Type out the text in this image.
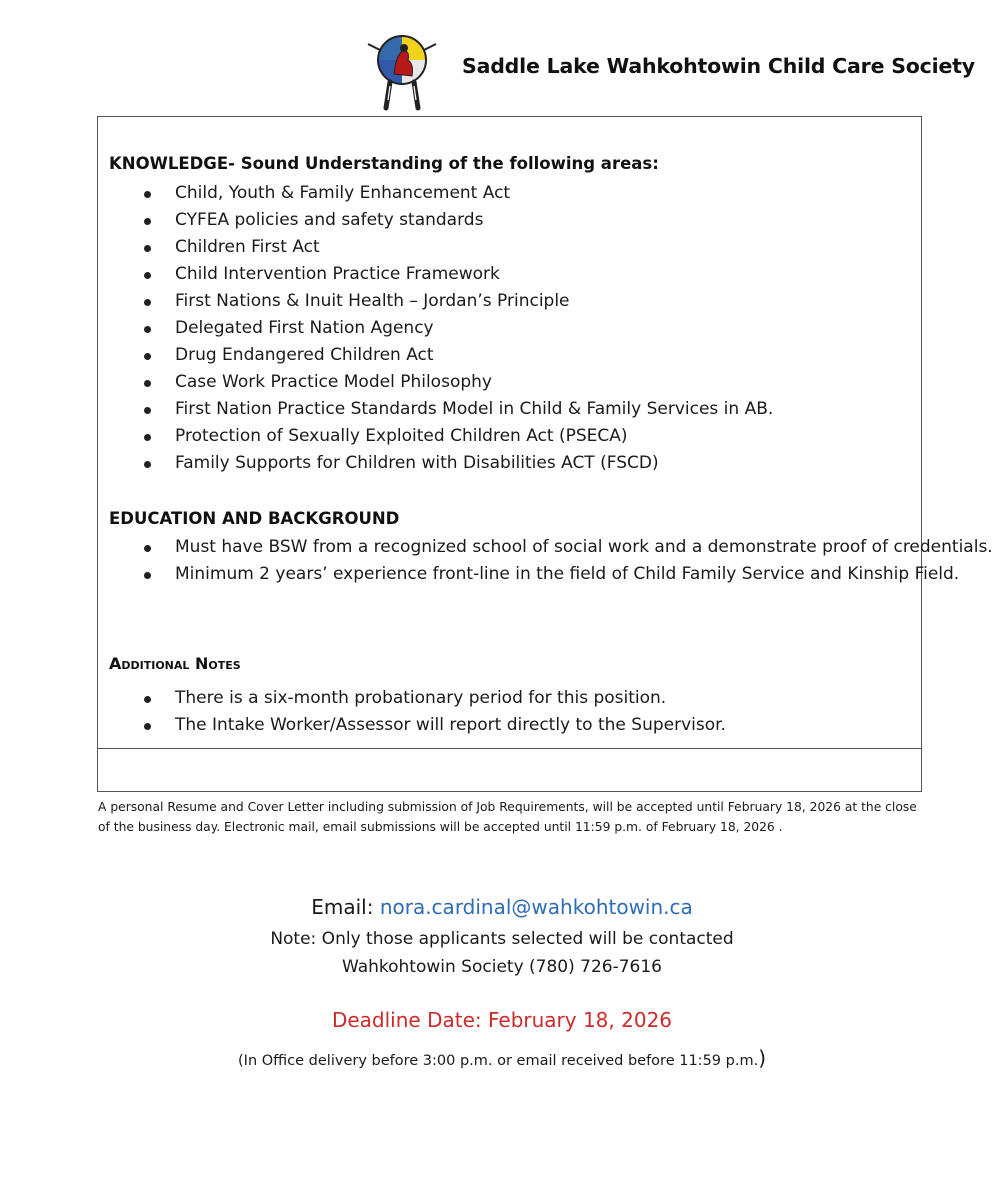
Saddle Lake Wahkohtowin Child Care Society
KNOWLEDGE- Sound Understanding of the following areas:
Child, Youth & Family Enhancement Act
CYFEA policies and safety standards
Children First Act
Child Intervention Practice Framework
First Nations & Inuit Health – Jordan’s Principle
Delegated First Nation Agency
Drug Endangered Children Act
Case Work Practice Model Philosophy
First Nation Practice Standards Model in Child & Family Services in AB.
Protection of Sexually Exploited Children Act (PSECA)
Family Supports for Children with Disabilities ACT (FSCD)
EDUCATION AND BACKGROUND
Must have BSW from a recognized school of social work and a demonstrate proof of credentials.
Minimum 2 years’ experience front-line in the field of Child Family Service and Kinship Field.
Additional Notes
There is a six-month probationary period for this position.
The Intake Worker/Assessor will report directly to the Supervisor.
A personal Resume and Cover Letter including submission of Job Requirements, will be accepted until February 18, 2026 at the close of the business day. Electronic mail, email submissions will be accepted until 11:59 p.m. of February 18, 2026 .
Email: nora.cardinal@wahkohtowin.ca
Note: Only those applicants selected will be contacted
Wahkohtowin Society (780) 726-7616
Deadline Date: February 18, 2026
(In Office delivery before 3:00 p.m. or email received before 11:59 p.m.)
